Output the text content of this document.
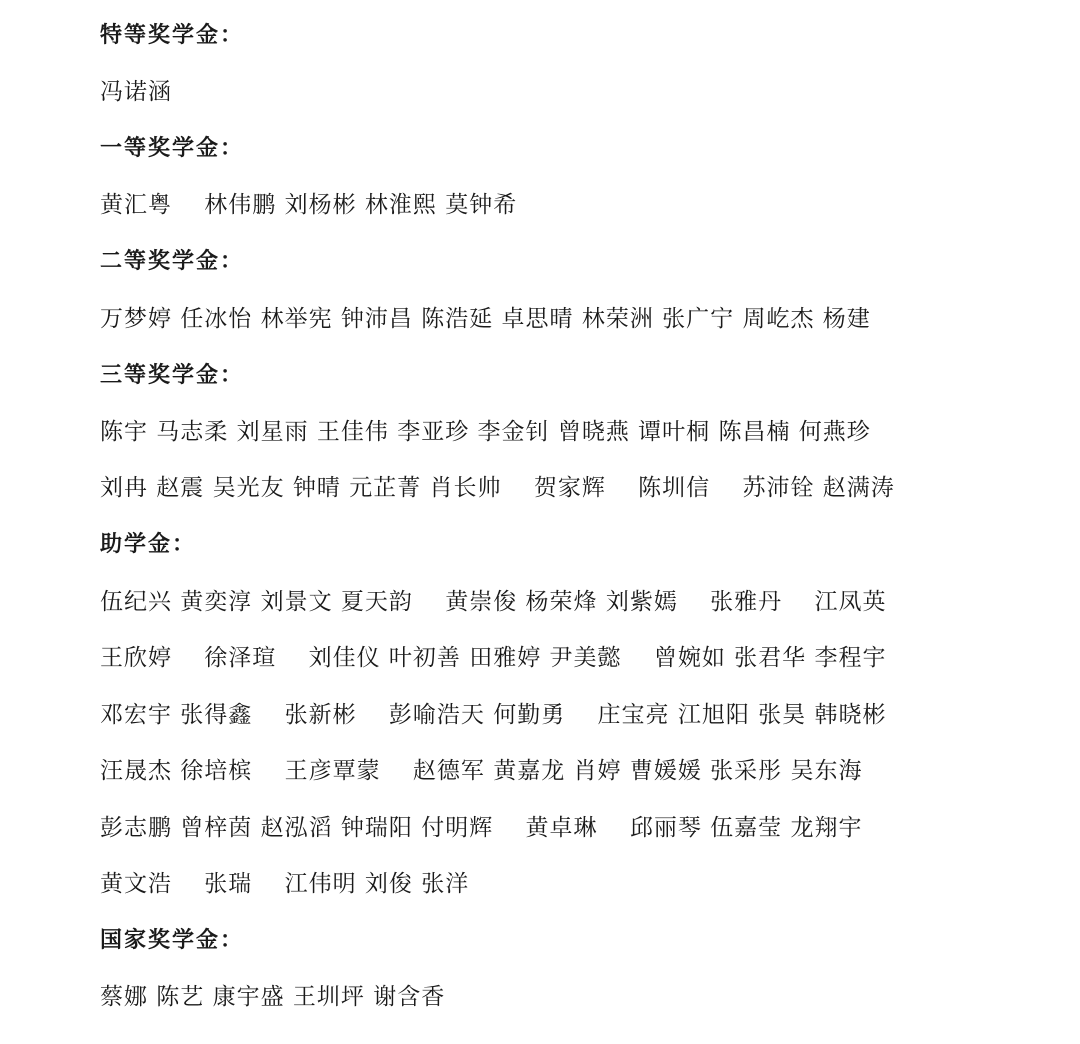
特等奖学金：
冯诺涵
一等奖学金：
黄汇粤　 林伟鹏 刘杨彬 林淮熙 莫钟希
二等奖学金：
万梦婷 任冰怡 林举宪 钟沛昌 陈浩延 卓思晴 林荣洲 张广宁 周屹杰 杨建
三等奖学金：
陈宇 马志柔 刘星雨 王佳伟 李亚珍 李金钊 曾晓燕 谭叶桐 陈昌楠 何燕珍
刘冉 赵震 吴光友 钟晴 元芷菁 肖长帅　 贺家辉　 陈圳信　 苏沛铨 赵满涛
助学金：
伍纪兴 黄奕淳 刘景文 夏天韵　 黄崇俊 杨荣烽 刘紫嫣　 张雅丹　 江凤英
王欣婷　 徐泽瑄　 刘佳仪 叶初善 田雅婷 尹美懿　 曾婉如 张君华 李程宇
邓宏宇 张得鑫　 张新彬　 彭喻浩天 何勤勇　 庄宝亮 江旭阳 张昊 韩晓彬
汪晟杰 徐培槟　 王彦覃蒙　 赵德军 黄嘉龙 肖婷 曹媛媛 张采彤 吴东海
彭志鹏 曾梓茵 赵泓滔 钟瑞阳 付明辉　 黄卓琳　 邱丽琴 伍嘉莹 龙翔宇
黄文浩　 张瑞　 江伟明 刘俊 张洋
国家奖学金：
蔡娜 陈艺 康宇盛 王圳坪 谢含香
